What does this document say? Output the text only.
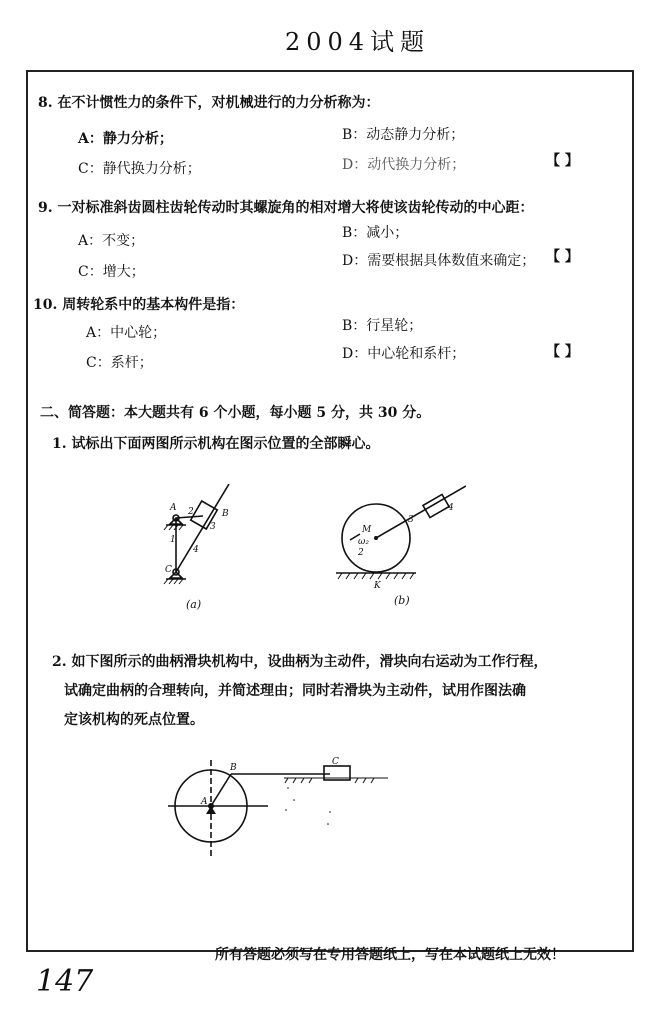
2004试题
8. 在不计惯性力的条件下，对机械进行的力分析称为：
A：静力分析；	B：动态静力分析；
C：静代换力分析；	D：动代换力分析；	【 】
9. 一对标准斜齿圆柱齿轮传动时其螺旋角的相对增大将使该齿轮传动的中心距：
A：不变；	B：减小；
C：增大；
D：需要根据具体数值来确定； 【 】
10. 周转轮系中的基本构件是指：
A：中心轮；	B：行星轮；
C：系杆；
D：中心轮和系杆；	【 】
二、简答题：本大题共有 6 个小题，每小题 5 分，共 30 分。
1. 试标出下面两图所示机构在图示位置的全部瞬心。
A
B
C
1
2
3
4
(a)
M
ω₂
2
3
4
K
(b)
2. 如下图所示的曲柄滑块机构中，设曲柄为主动件，滑块向右运动为工作行程，
试确定曲柄的合理转向，并简述理由；同时若滑块为主动件，试用作图法确
定该机构的死点位置。
B
A
C
所有答题必须写在专用答题纸上，写在本试题纸上无效！
147
